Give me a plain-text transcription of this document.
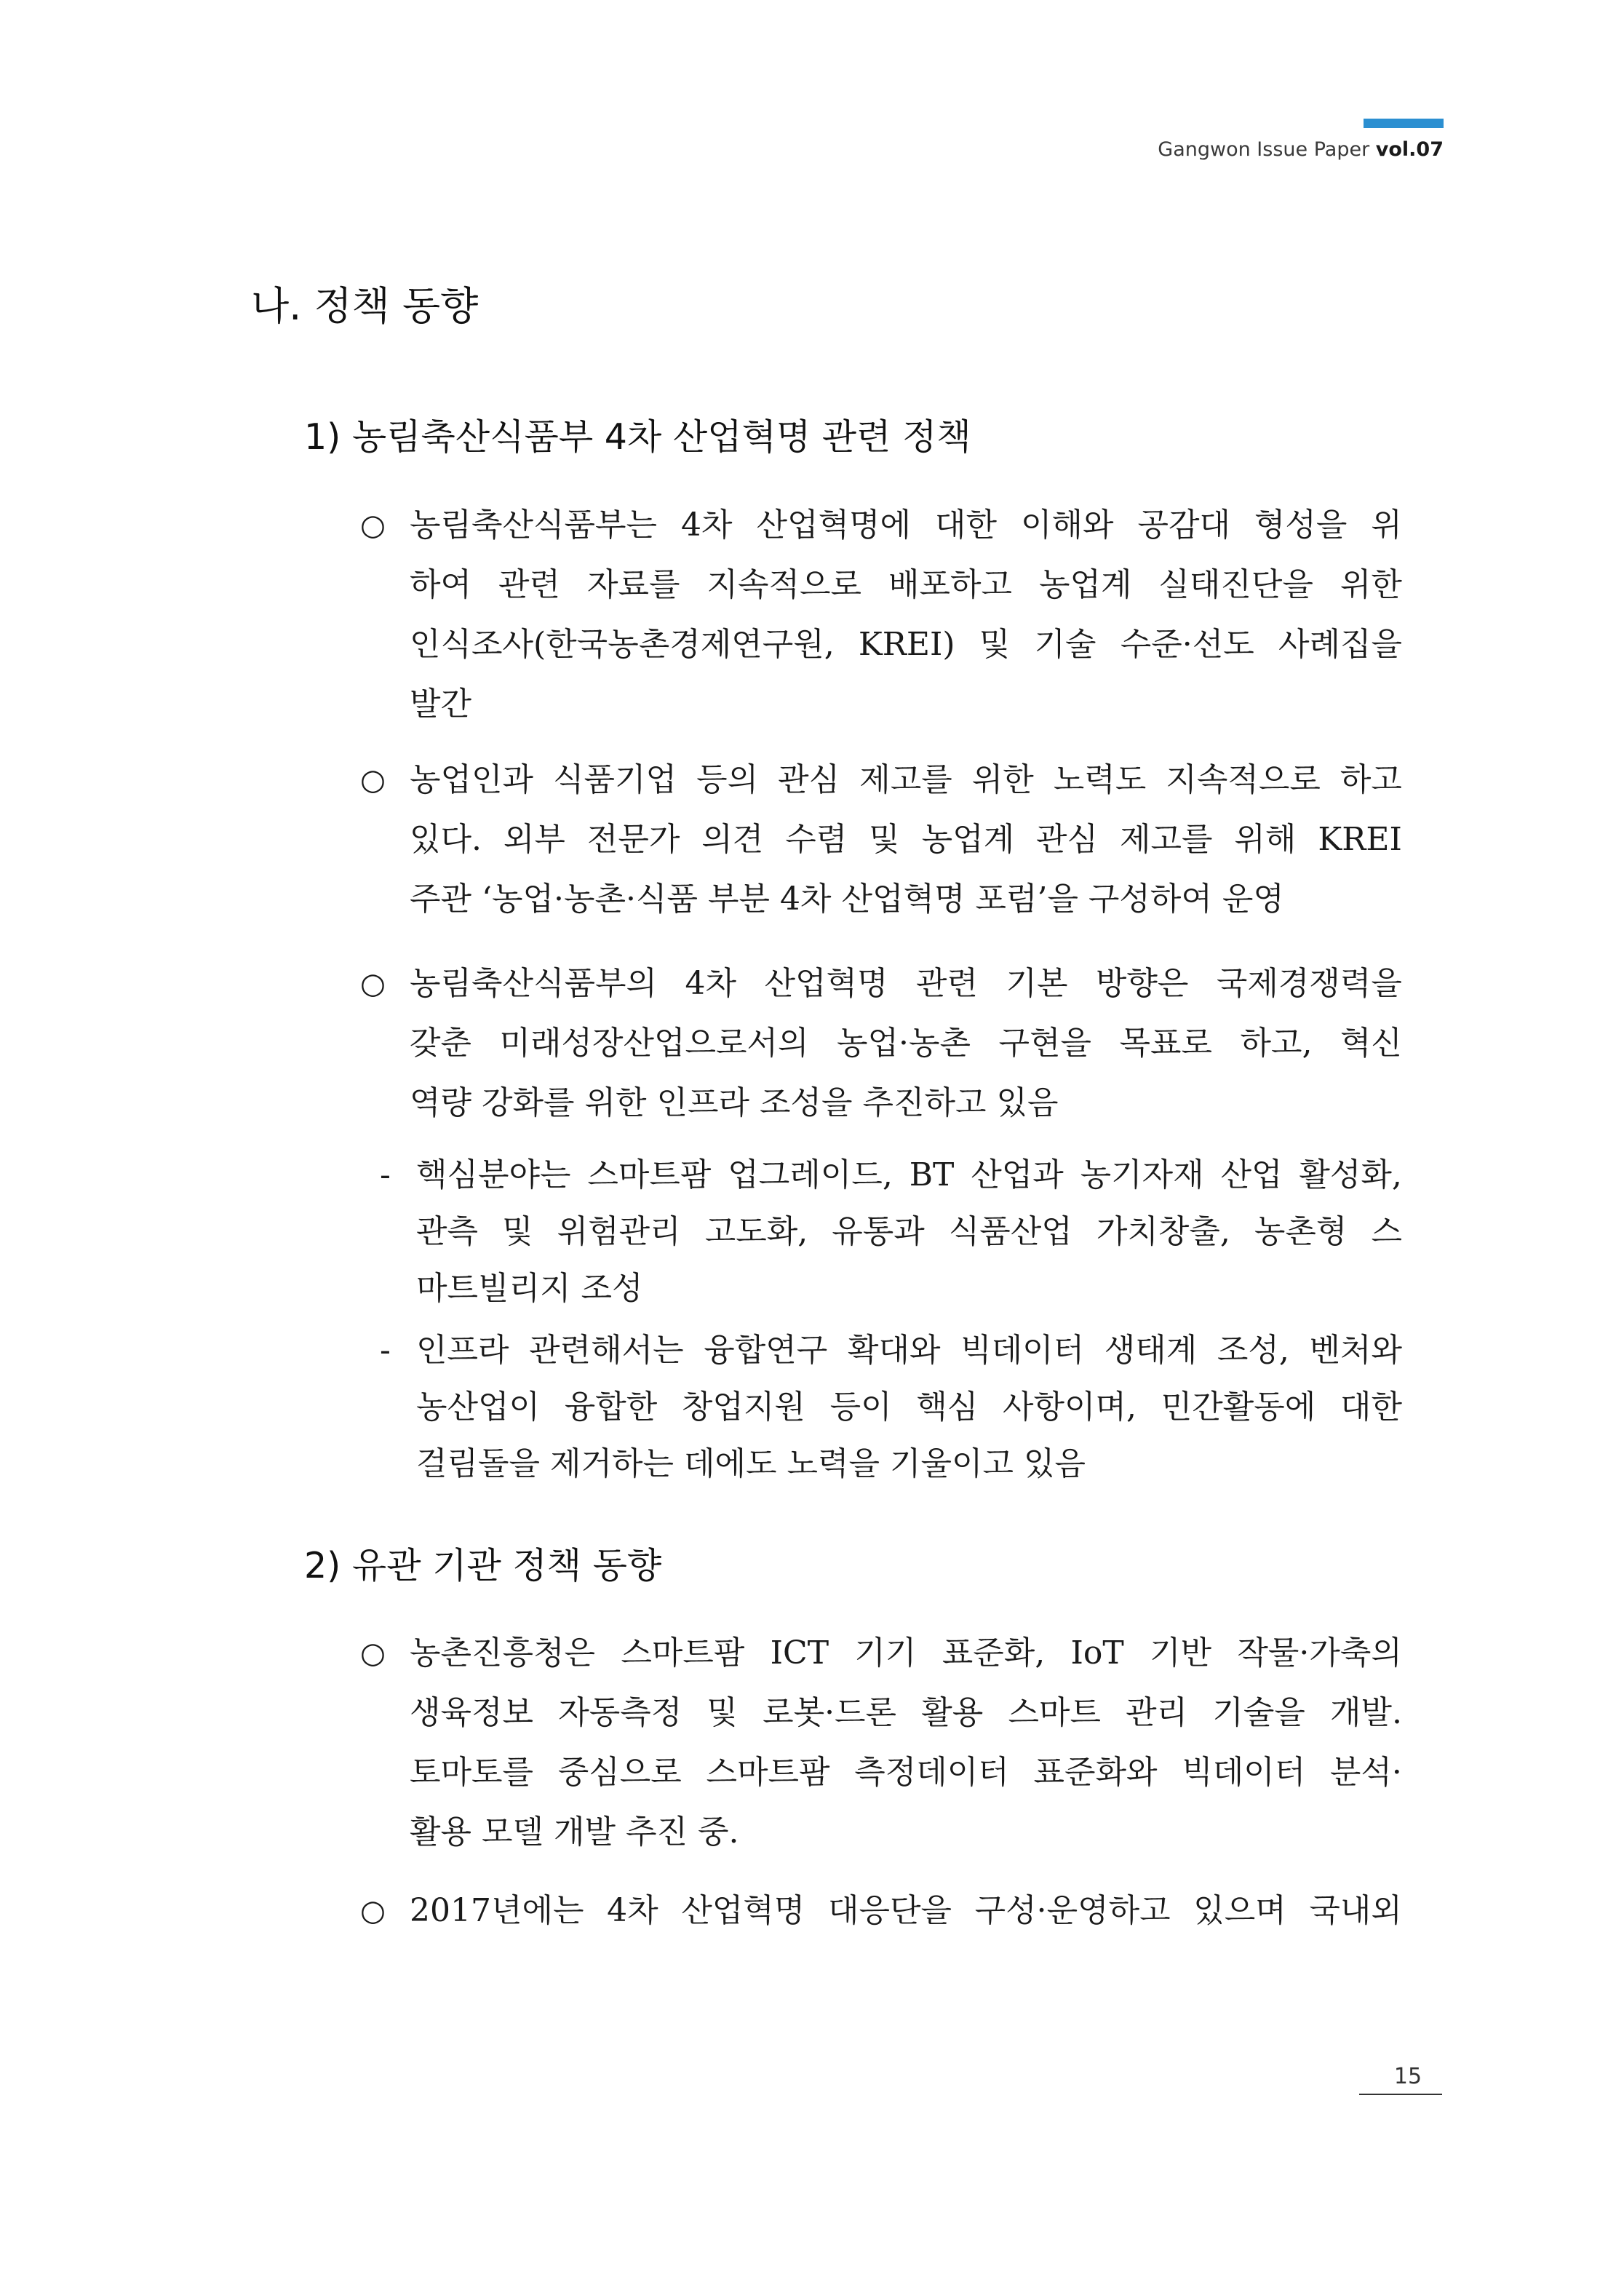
Gangwon Issue Paper vol.07
나. 정책 동향
1) 농림축산식품부 4차 산업혁명 관련 정책
○ 농림축산식품부는 4차 산업혁명에 대한 이해와 공감대 형성을 위
하여 관련 자료를 지속적으로 배포하고 농업계 실태진단을 위한
인식조사(한국농촌경제연구원, KREI) 및 기술 수준·선도 사례집을
발간
○ 농업인과 식품기업 등의 관심 제고를 위한 노력도 지속적으로 하고
있다. 외부 전문가 의견 수렴 및 농업계 관심 제고를 위해 KREI
주관 ‘농업·농촌·식품 부분 4차 산업혁명 포럼’을 구성하여 운영
○ 농림축산식품부의 4차 산업혁명 관련 기본 방향은 국제경쟁력을
갖춘 미래성장산업으로서의 농업·농촌 구현을 목표로 하고, 혁신
역량 강화를 위한 인프라 조성을 추진하고 있음
- 핵심분야는 스마트팜 업그레이드, BT 산업과 농기자재 산업 활성화,
관측 및 위험관리 고도화, 유통과 식품산업 가치창출, 농촌형 스
마트빌리지 조성
- 인프라 관련해서는 융합연구 확대와 빅데이터 생태계 조성, 벤처와
농산업이 융합한 창업지원 등이 핵심 사항이며, 민간활동에 대한
걸림돌을 제거하는 데에도 노력을 기울이고 있음
2) 유관 기관 정책 동향
○ 농촌진흥청은 스마트팜 ICT 기기 표준화, IoT 기반 작물·가축의
생육정보 자동측정 및 로봇·드론 활용 스마트 관리 기술을 개발.
토마토를 중심으로 스마트팜 측정데이터 표준화와 빅데이터 분석·
활용 모델 개발 추진 중.
○ 2017년에는 4차 산업혁명 대응단을 구성·운영하고 있으며 국내외
15
